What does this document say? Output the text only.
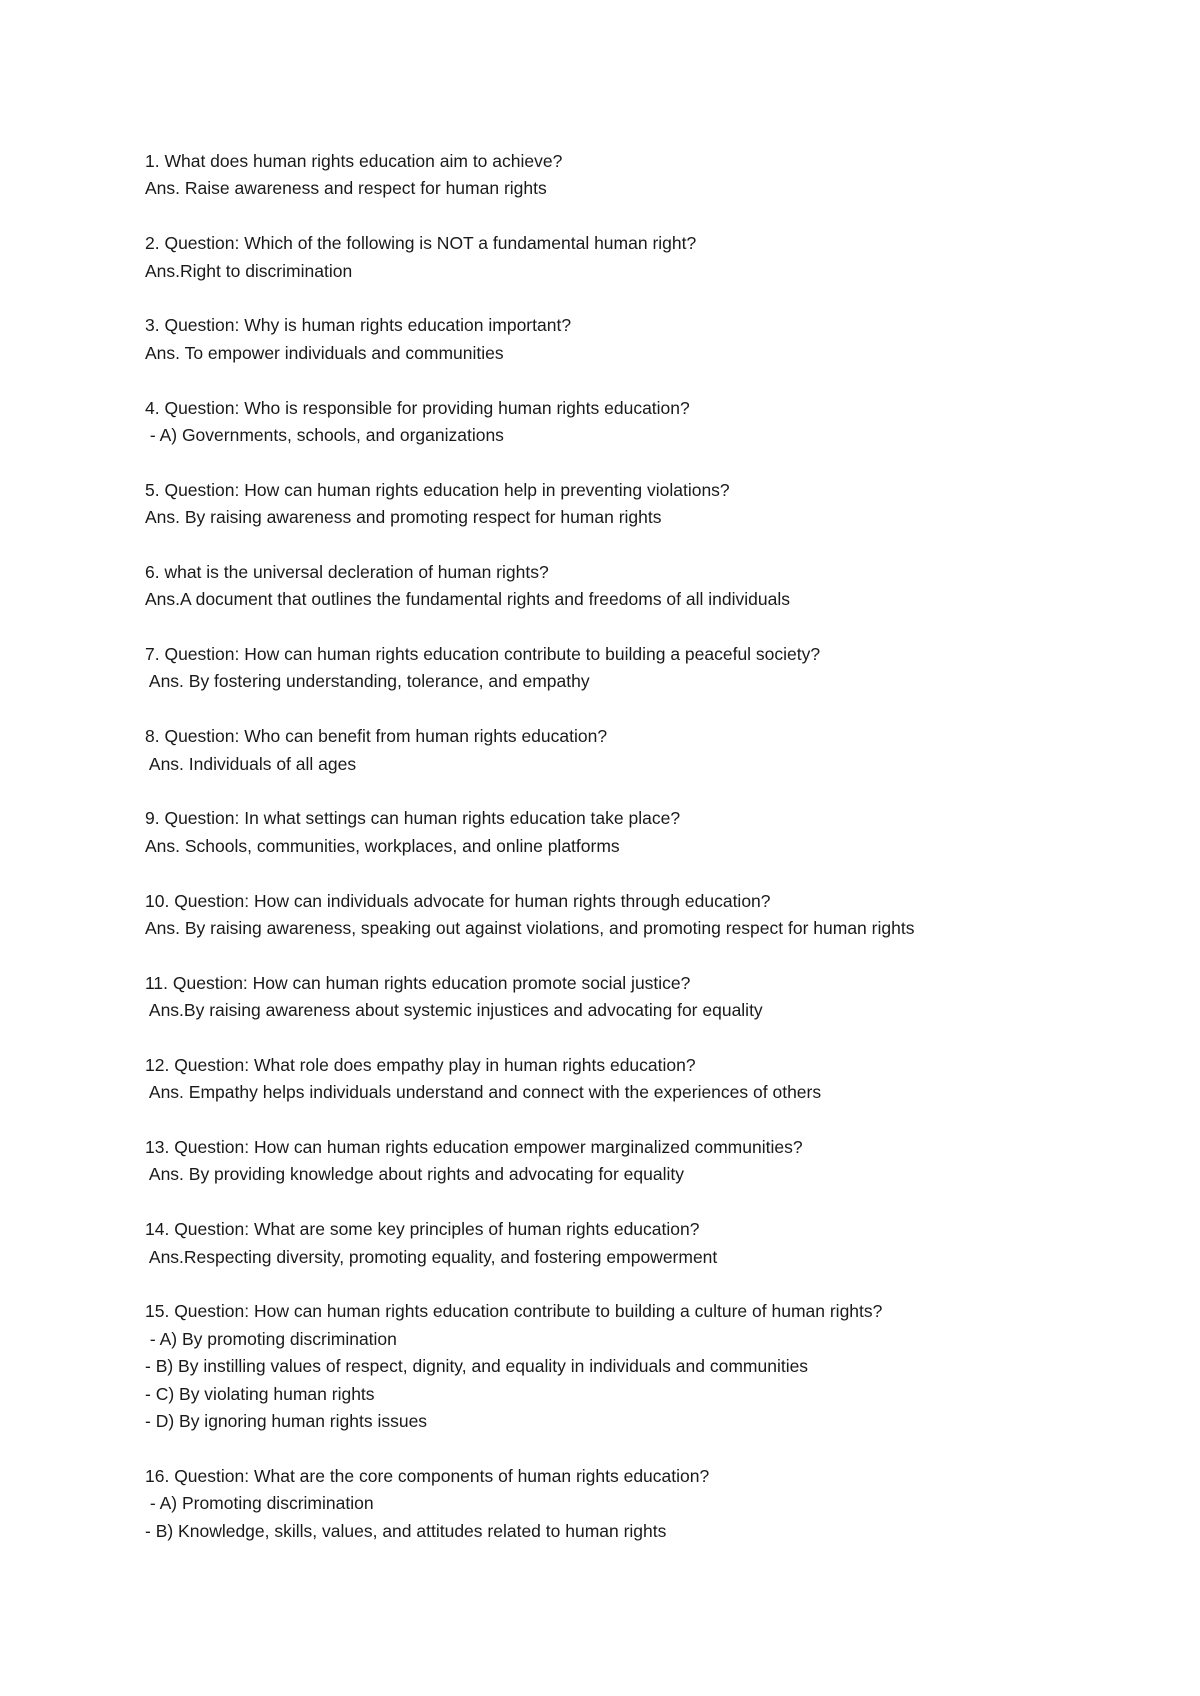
1. What does human rights education aim to achieve?
Ans. Raise awareness and respect for human rights
2. Question: Which of the following is NOT a fundamental human right?
Ans.Right to discrimination
3. Question: Why is human rights education important?
Ans. To empower individuals and communities
4. Question: Who is responsible for providing human rights education?
- A) Governments, schools, and organizations
5. Question: How can human rights education help in preventing violations?
Ans. By raising awareness and promoting respect for human rights
6. what is the universal decleration of human rights?
Ans.A document that outlines the fundamental rights and freedoms of all individuals
7. Question: How can human rights education contribute to building a peaceful society?
Ans. By fostering understanding, tolerance, and empathy
8. Question: Who can benefit from human rights education?
Ans. Individuals of all ages
9. Question: In what settings can human rights education take place?
Ans. Schools, communities, workplaces, and online platforms
10. Question: How can individuals advocate for human rights through education?
Ans. By raising awareness, speaking out against violations, and promoting respect for human rights
11. Question: How can human rights education promote social justice?
Ans.By raising awareness about systemic injustices and advocating for equality
12. Question: What role does empathy play in human rights education?
Ans. Empathy helps individuals understand and connect with the experiences of others
13. Question: How can human rights education empower marginalized communities?
Ans. By providing knowledge about rights and advocating for equality
14. Question: What are some key principles of human rights education?
Ans.Respecting diversity, promoting equality, and fostering empowerment
15. Question: How can human rights education contribute to building a culture of human rights?
- A) By promoting discrimination
- B) By instilling values of respect, dignity, and equality in individuals and communities
- C) By violating human rights
- D) By ignoring human rights issues
16. Question: What are the core components of human rights education?
- A) Promoting discrimination
- B) Knowledge, skills, values, and attitudes related to human rights
